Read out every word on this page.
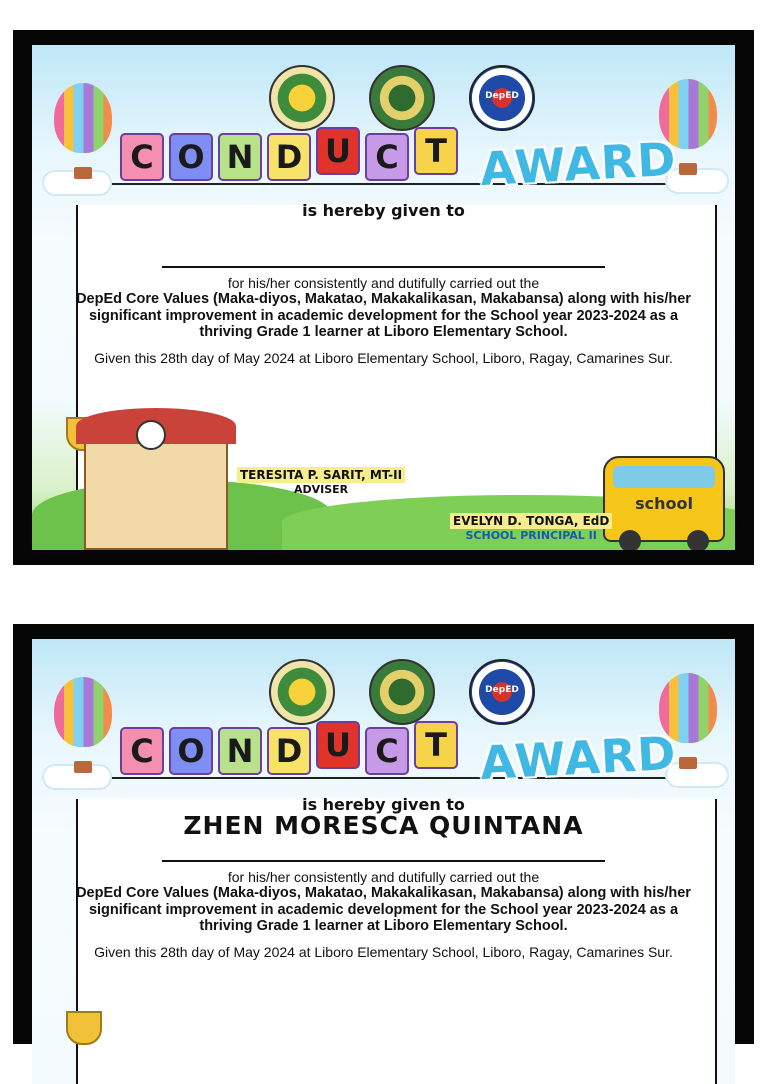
DepED
C O N D U C T AWARD
is hereby given to
for his/her consistently and dutifully carried out the
DepEd Core Values (Maka-diyos, Makatao, Makakalikasan, Makabansa) along with his/her significant improvement in academic development for the School year 2023-2024 as a thriving Grade 1 learner at Liboro Elementary School.
Given this 28th day of May 2024 at Liboro Elementary School, Liboro, Ragay, Camarines Sur.
school
TERESITA P. SARIT, MT-II
ADVISER
EVELYN D. TONGA, EdD
SCHOOL PRINCIPAL II
DepED
C O N D U C T AWARD
is hereby given to
ZHEN MORESCA QUINTANA
for his/her consistently and dutifully carried out the
DepEd Core Values (Maka-diyos, Makatao, Makakalikasan, Makabansa) along with his/her significant improvement in academic development for the School year 2023-2024 as a thriving Grade 1 learner at Liboro Elementary School.
Given this 28th day of May 2024 at Liboro Elementary School, Liboro, Ragay, Camarines Sur.
